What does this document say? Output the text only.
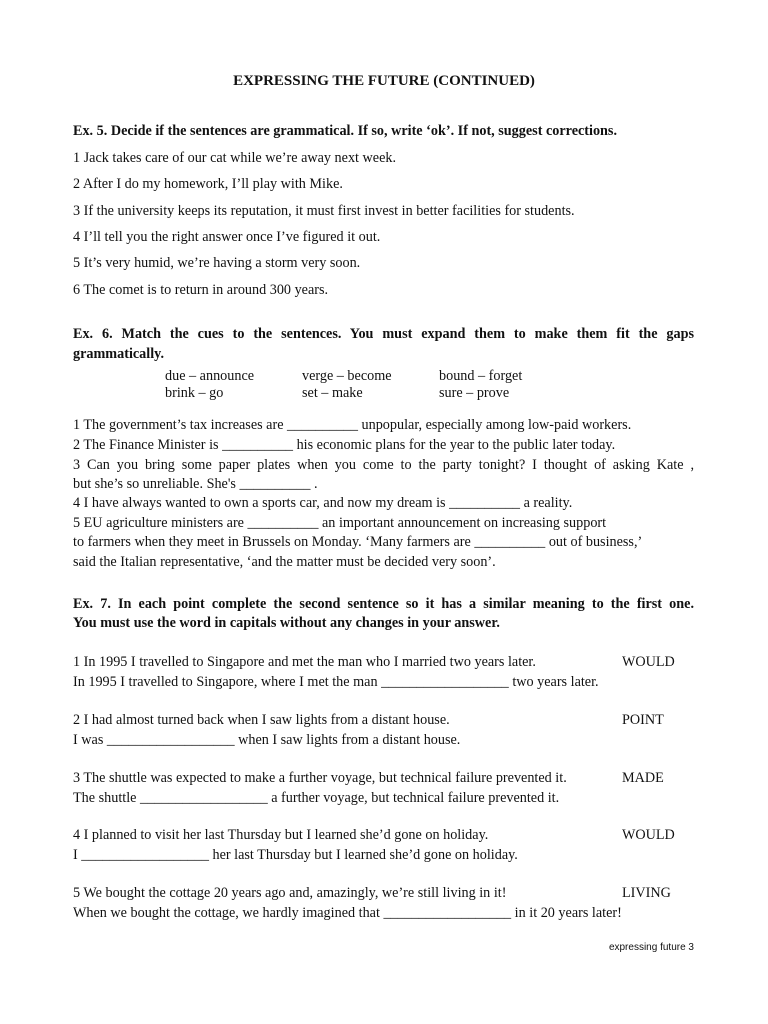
EXPRESSING THE FUTURE (CONTINUED)
Ex. 5. Decide if the sentences are grammatical. If so, write ‘ok’. If not, suggest corrections.
1 Jack takes care of our cat while we’re away next week.
2 After I do my homework, I’ll play with Mike.
3 If the university keeps its reputation, it must first invest in better facilities for students.
4 I’ll tell you the right answer once I’ve figured it out.
5 It’s very humid, we’re having a storm very soon.
6 The comet is to return in around 300 years.
Ex. 6. Match the cues to the sentences. You must expand them to make them fit the gaps
grammatically.
due – announce	verge – become	bound – forget
brink – go	set – make	sure – prove
1 The government’s tax increases are __________ unpopular, especially among low-paid workers.
2 The Finance Minister is __________ his economic plans for the year to the public later today.
3 Can you bring some paper plates when you come to the party tonight? I thought of asking Kate ,
but she’s so unreliable. She's __________ .
4 I have always wanted to own a sports car, and now my dream is __________ a reality.
5 EU agriculture ministers are __________ an important announcement on increasing support
to farmers when they meet in Brussels on Monday. ‘Many farmers are __________ out of business,’
said the Italian representative, ‘and the matter must be decided very soon’.
Ex. 7. In each point complete the second sentence so it has a similar meaning to the first one.
You must use the word in capitals without any changes in your answer.
1 In 1995 I travelled to Singapore and met the man who I married two years later.	WOULD
In 1995 I travelled to Singapore, where I met the man __________________ two years later.
2 I had almost turned back when I saw lights from a distant house.	POINT
I was __________________ when I saw lights from a distant house.
3 The shuttle was expected to make a further voyage, but technical failure prevented it.	MADE
The shuttle __________________ a further voyage, but technical failure prevented it.
4 I planned to visit her last Thursday but I learned she’d gone on holiday.	WOULD
I __________________ her last Thursday but I learned she’d gone on holiday.
5 We bought the cottage 20 years ago and, amazingly, we’re still living in it!	LIVING
When we bought the cottage, we hardly imagined that __________________ in it 20 years later!
expressing future 3
